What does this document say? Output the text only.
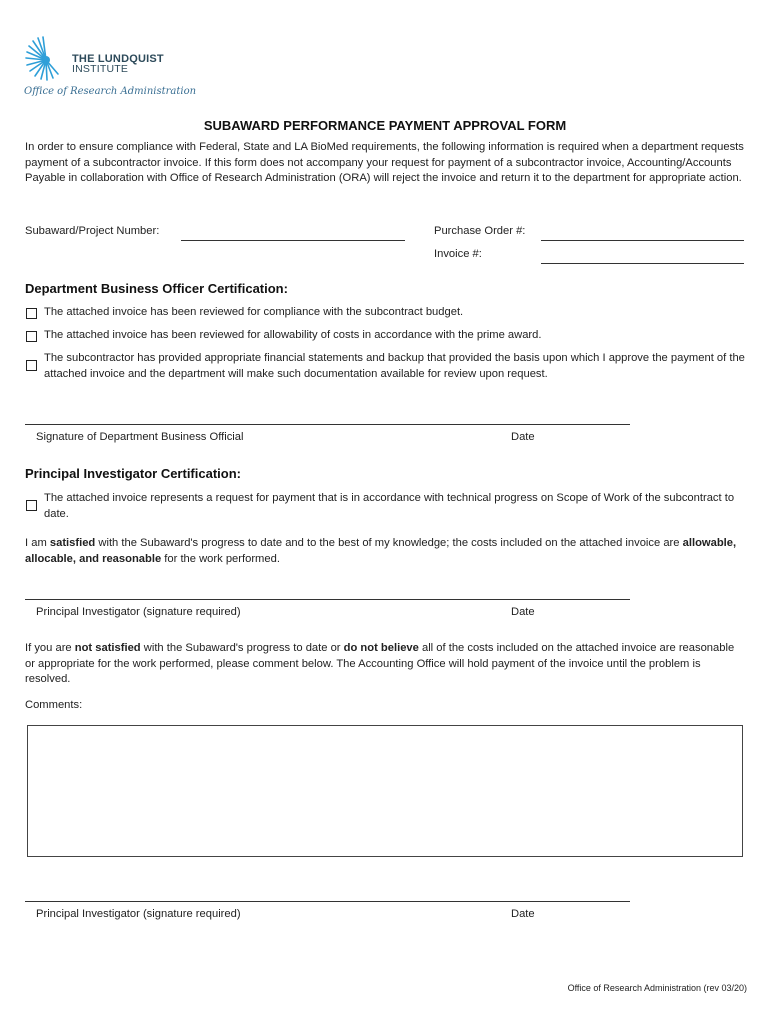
THE LUNDQUIST
INSTITUTE
Office of Research Administration
SUBAWARD PERFORMANCE PAYMENT APPROVAL FORM
In order to ensure compliance with Federal, State and LA BioMed requirements, the following information is required when a department requests payment of a subcontractor invoice. If this form does not accompany your request for payment of a subcontractor invoice, Accounting/Accounts Payable in collaboration with Office of Research Administration (ORA) will reject the invoice and return it to the department for appropriate action.
Subaward/Project Number:	Purchase Order #:
Invoice #:
Department Business Officer Certification:
The attached invoice has been reviewed for compliance with the subcontract budget.
The attached invoice has been reviewed for allowability of costs in accordance with the prime award.
The subcontractor has provided appropriate financial statements and backup that provided the basis upon which I approve the payment of the attached invoice and the department will make such documentation available for review upon request.
Signature of Department Business Official	Date
Principal Investigator Certification:
The attached invoice represents a request for payment that is in accordance with technical progress on Scope of Work of the subcontract to date.
I am satisfied with the Subaward's progress to date and to the best of my knowledge; the costs included on the attached invoice are allowable, allocable, and reasonable for the work performed.
Principal Investigator (signature required)	Date
If you are not satisfied with the Subaward's progress to date or do not believe all of the costs included on the attached invoice are reasonable or appropriate for the work performed, please comment below. The Accounting Office will hold payment of the invoice until the problem is resolved.
Comments:
Principal Investigator (signature required)	Date
Office of Research Administration (rev 03/20)
